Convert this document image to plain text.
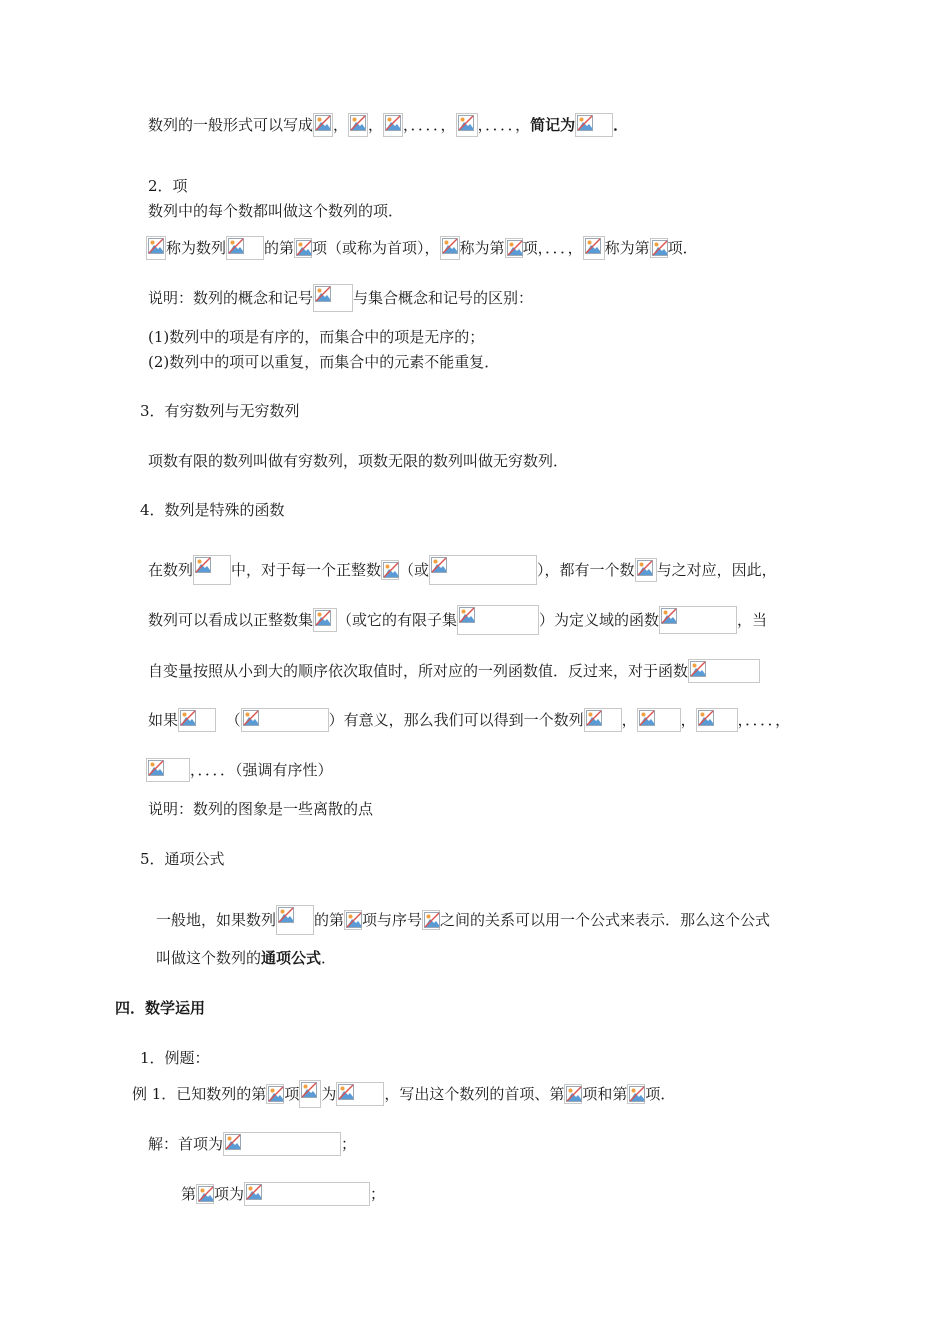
数列的一般形式可以写成 ， ， ，．．．．， ，．．．．， 简记为	．
2．项
数列中的每个数都叫做这个数列的项．
称为数列	的第 项（或称为首项）， 称为第 项，．．．， 称为第 项．
说明：数列的概念和记号	与集合概念和记号的区别：
(1)数列中的项是有序的，而集合中的项是无序的；
(2)数列中的项可以重复，而集合中的元素不能重复．
3．有穷数列与无穷数列
项数有限的数列叫做有穷数列，项数无限的数列叫做无穷数列．
4．数列是特殊的函数
在数列	中，对于每一个正整数 （或	），都有一个数 与之对应，因此，
数列可以看成以正整数集 （或它的有限子集	）为定义域的函数	，当
自变量按照从小到大的顺序依次取值时，所对应的一列函数值．反过来，对于函数
如果
	（	）有意义，那么我们可以得到一个数列	，	，	，．．．．，
，．．．．（强调有序性）
说明：数列的图象是一些离散的点
5．通项公式
一般地，如果数列	的第 项与序号 之间的关系可以用一个公式来表示．那么这个公式
叫做这个数列的 通项公式 ．
四．数学运用
1．例题：
例 1．已知数列的第 项 为	，写出这个数列的首项、第 项和第 项．
解：首项为	；
第 项为	；
